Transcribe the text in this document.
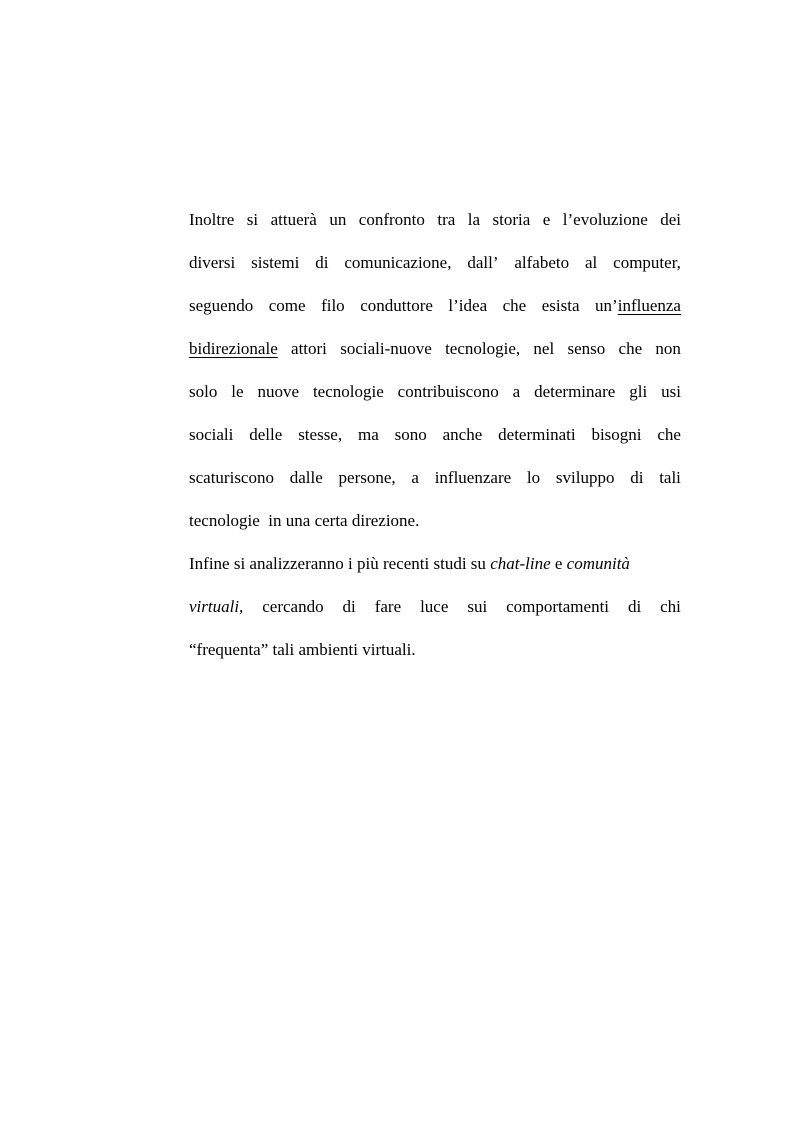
Inoltre si attuerà un confronto tra la storia e l’evoluzione dei
diversi sistemi di comunicazione, dall’ alfabeto al computer,
seguendo come filo conduttore l’idea che esista un’influenza
bidirezionale attori sociali-nuove tecnologie, nel senso che non
solo le nuove tecnologie contribuiscono a determinare gli usi
sociali delle stesse, ma sono anche determinati bisogni che
scaturiscono dalle persone, a influenzare lo sviluppo di tali
tecnologie  in una certa direzione.
Infine si analizzeranno i più recenti studi su chat-line e comunità
virtuali, cercando di fare luce sui comportamenti di chi
“frequenta” tali ambienti virtuali.
